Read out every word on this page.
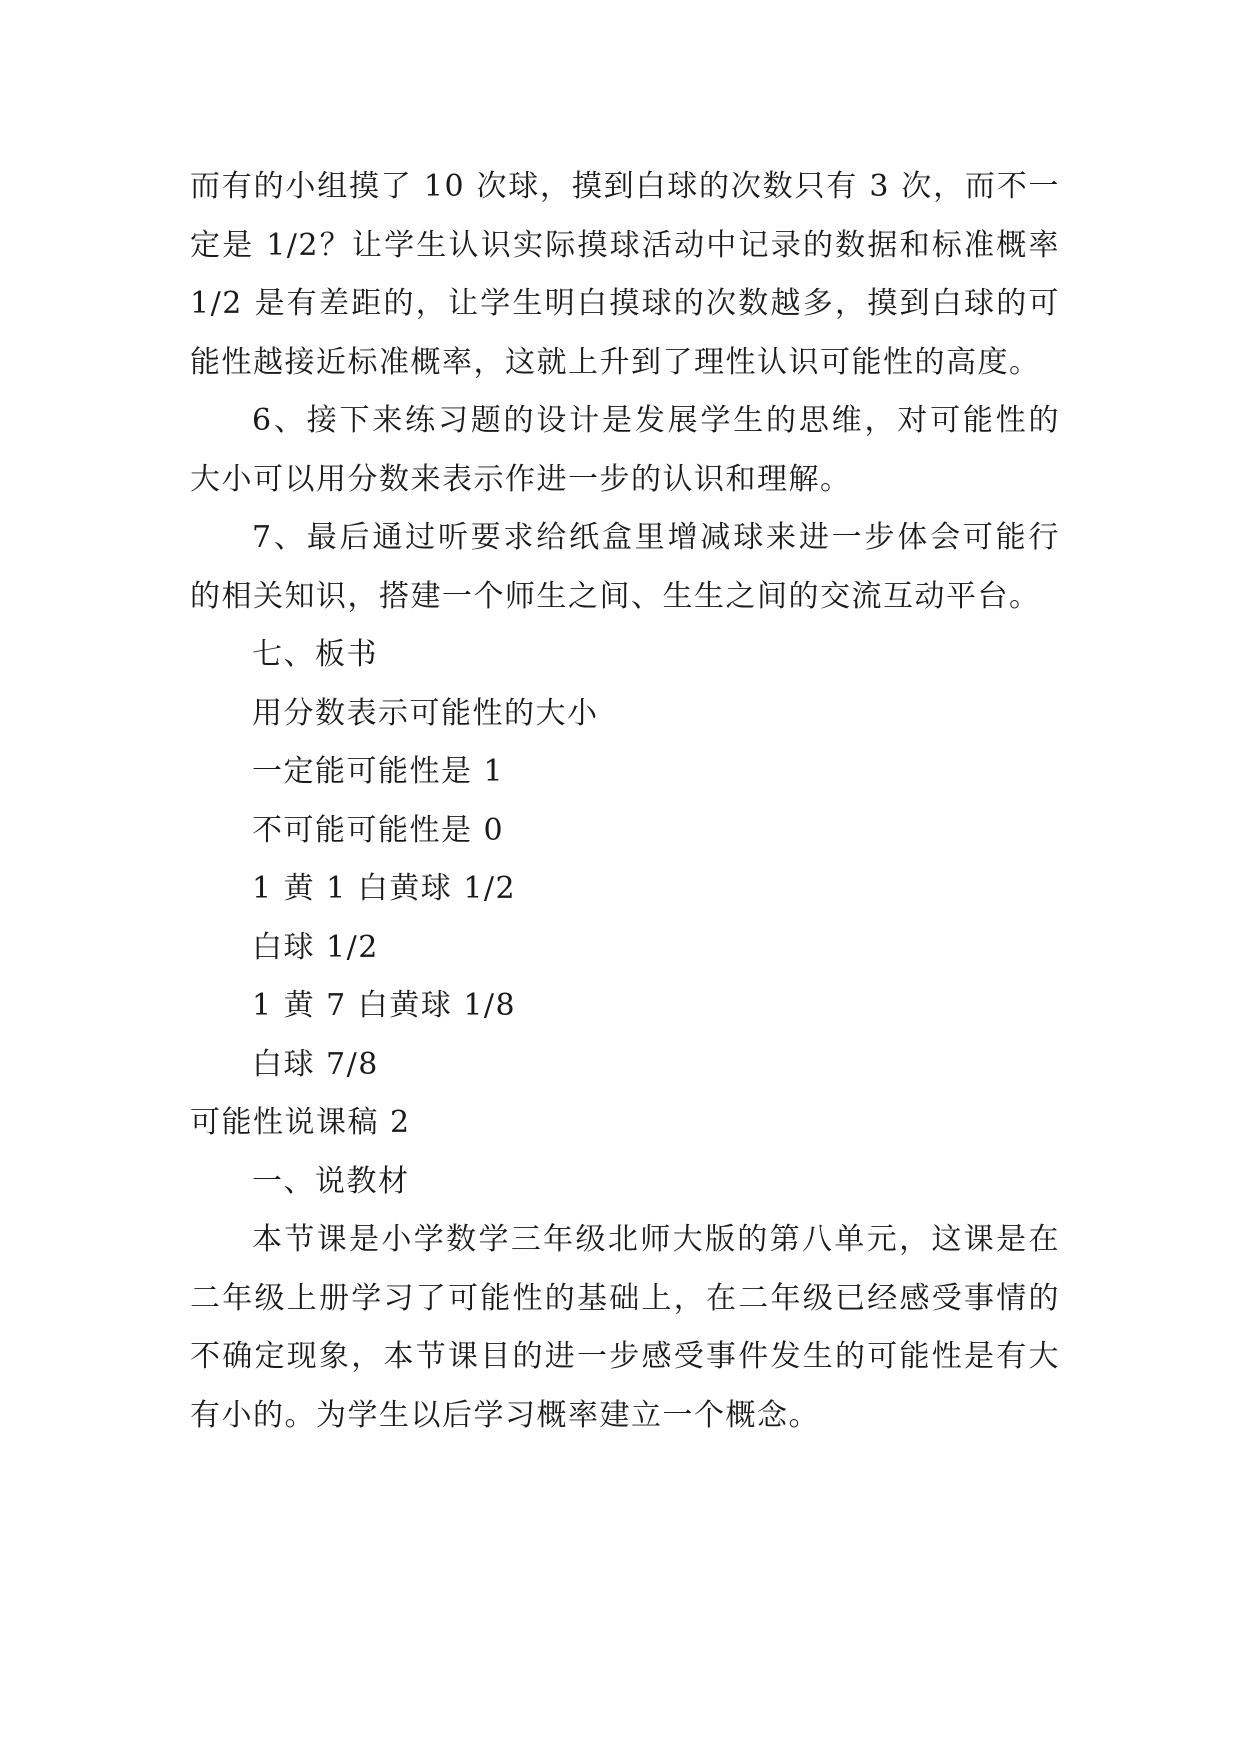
而有的小组摸了 10 次球，摸到白球的次数只有 3 次，而不一定是 1/2？让学生认识实际摸球活动中记录的数据和标准概率 1/2 是有差距的，让学生明白摸球的次数越多，摸到白球的可能性越接近标准概率，这就上升到了理性认识可能性的高度。

6、接下来练习题的设计是发展学生的思维，对可能性的大小可以用分数来表示作进一步的认识和理解。

7、最后通过听要求给纸盒里增减球来进一步体会可能行的相关知识，搭建一个师生之间、生生之间的交流互动平台。

七、板书

用分数表示可能性的大小

一定能可能性是 1

不可能可能性是 0

1 黄 1 白黄球 1/2

白球 1/2

1 黄 7 白黄球 1/8

白球 7/8

可能性说课稿 2

一、说教材

本节课是小学数学三年级北师大版的第八单元，这课是在二年级上册学习了可能性的基础上，在二年级已经感受事情的不确定现象，本节课目的进一步感受事件发生的可能性是有大有小的。为学生以后学习概率建立一个概念。
